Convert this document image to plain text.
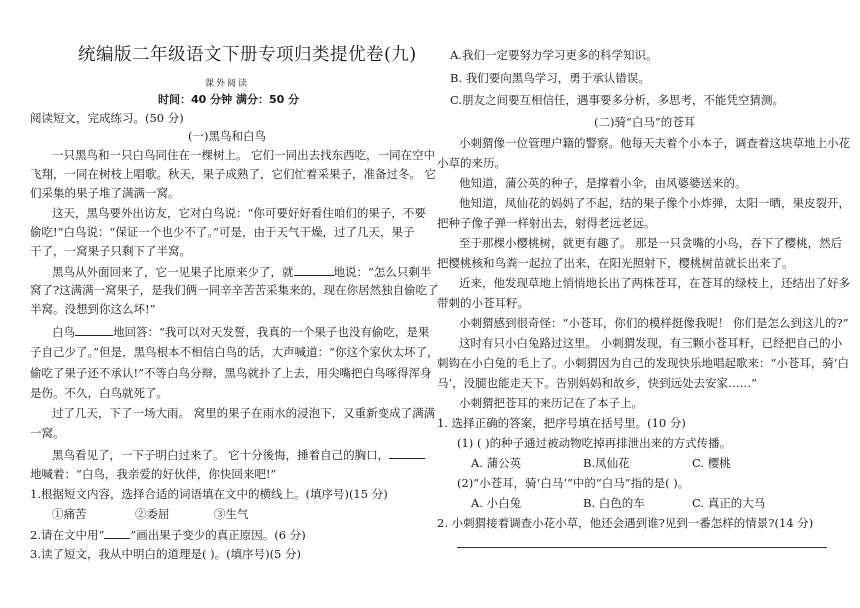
统编版二年级语文下册专项归类提优卷(九)
课外阅读
时间：40 分钟 满分：50 分
阅读短文，完成练习。(50 分)
(一)黑鸟和白鸟
一只黑鸟和一只白鸟同住在一棵树上。 它们一同出去找东西吃，一同在空中
飞翔，一同在树枝上唱歌。秋天，果子成熟了，它们忙着采果子，准备过冬。 它
们采集的果子堆了满满一窝。
这天，黑鸟要外出访友，它对白鸟说：“你可要好好看住咱们的果子，不要
偷吃!”白鸟说：“保证一个也少不了。”可是，由于天气干燥，过了几天，果子
干了，一窝果子只剩下了半窝。
黑鸟从外面回来了，它一见果子比原来少了，就	地说：“怎么只剩半
窝了?这满满一窝果子，是我们俩一同辛辛苦苦采集来的，现在你居然独自偷吃了
半窝。没想到你这么坏!”
白鸟	地回答：“我可以对天发誓，我真的一个果子也没有偷吃，是果
子自己少了。”但是，黑鸟根本不相信白鸟的话，大声喊道：“你这个家伙太坏了，
偷吃了果子还不承认!”不等白鸟分辩，黑鸟就扑了上去，用尖嘴把白鸟啄得浑身
是伤。不久，白鸟就死了。
过了几天，下了一场大雨。 窝里的果子在雨水的浸泡下，又重新变成了满满
一窝。
黑鸟看见了，一下子明白过来了。 它十分後悔，捶着自己的胸口，
地喊着：“白鸟，我亲爱的好伙伴，你快回来吧!”
1.根据短文内容，选择合适的词语填在文中的横线上。(填序号)(15 分)
①痛苦	②委屈	③生气
2.请在文中用“ ”画出果子变少的真正原因。(6 分)
3.读了短文，我从中明白的道理是( )。(填序号)(5 分)
A.我们一定要努力学习更多的科学知识。
B. 我们要向黑鸟学习，勇于承认错误。
C.朋友之间要互相信任，遇事要多分析，多思考，不能凭空猜测。
(二)骑“白马”的苍耳
小刺猬像一位管理户籍的警察。他每天夫着个小本子，调查着这块草地上小花
小草的来历。
他知道，蒲公英的种子，是撑着小伞，由风婆婆送来的。
他知道，凤仙花的妈妈了不起，结的果子像个小炸弹，太阳一晒，果皮裂开，
把种子像子弹一样射出去，射得老远老远。
至于那棵小樱桃树，就更有趣了。 那是一只贪嘴的小鸟，吞下了樱桃，然后
把樱桃核和鸟粪一起拉了出来，在阳光照射下，樱桃树苗就长出来了。
近来，他发现草地上悄悄地长出了两株苍耳，在苍耳的绿枝上，还结出了好多
带刺的小苍耳籽。
小刺猬感到很奇怪：“小苍耳，你们的模样挺像我呢！ 你们是怎么到这儿的?”
这时有只小白兔路过这里。 小刺猬发现，有三颗小苍耳籽，已经把自己的小
刺钩在小白兔的毛上了。小刺猬因为自己的发现快乐地唱起歌来：“小苍耳，骑‘白
马’，没腿也能走天下。告别妈妈和故乡，快到远处去安家……”
小刺猬把苍耳的来历记在了本子上。
1. 选择正确的答案，把序号填在括号里。(10 分)
(1) ( )的种子通过被动物吃掉再排泄出来的方式传播。
A. 蒲公英	B.凤仙花	C. 樱桃
(2)“小苍耳，骑‘白马’”中的“白马”指的是( )。
A. 小白兔	B. 白色的车	C. 真正的大马
2. 小刺猬接着调查小花小草，他还会遇到谁?见到一番怎样的情景?(14 分)
